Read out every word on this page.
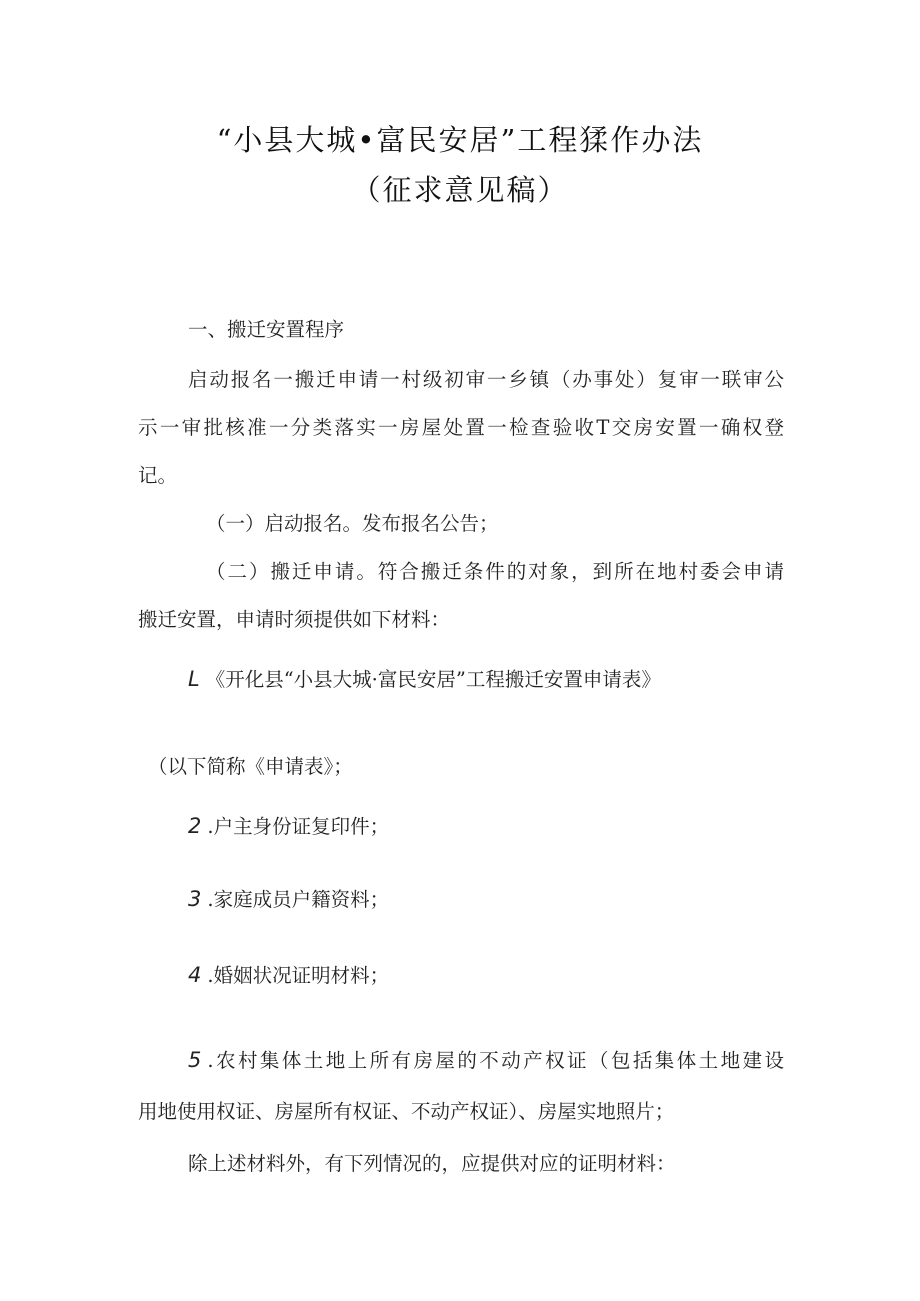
“小县大城•富民安居”工程猱作办法
（征求意见稿）
一、搬迁安置程序
启动报名一搬迁申请一村级初审一乡镇（办事处）复审一联审公
示一审批核准一分类落实一房屋处置一检查验收T交房安置一确权登
记。
（一）启动报名。发布报名公告；
（二）搬迁申请。符合搬迁条件的对象，到所在地村委会申请
搬迁安置，申请时须提供如下材料：
L《开化县“小县大城·富民安居”工程搬迁安置申请表》
（以下简称《申请表》；
2.户主身份证复印件；
3.家庭成员户籍资料；
4.婚姻状况证明材料；
5.农村集体土地上所有房屋的不动产权证（包括集体土地建设
用地使用权证、房屋所有权证、不动产权证）、房屋实地照片；
除上述材料外，有下列情况的，应提供对应的证明材料：
